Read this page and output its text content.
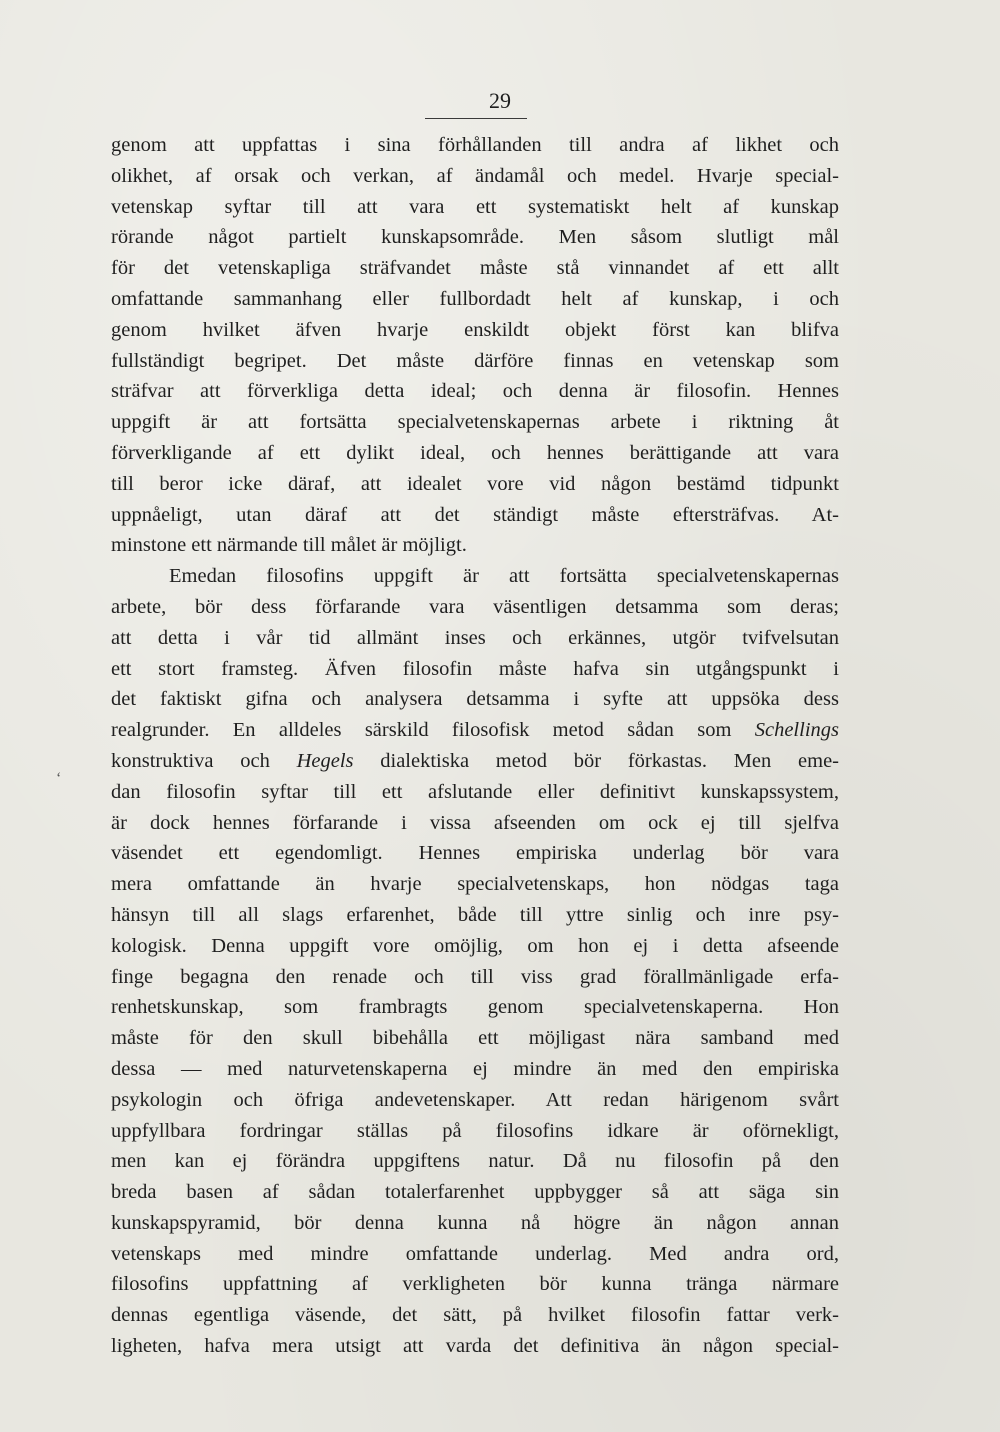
29
ʻ
genom att uppfattas i sina förhållanden till andra af likhet och
olikhet, af orsak och verkan, af ändamål och medel. Hvarje special-
vetenskap syftar till att vara ett systematiskt helt af kunskap
rörande något partielt kunskapsområde. Men såsom slutligt mål
för det vetenskapliga sträfvandet måste stå vinnandet af ett allt
omfattande sammanhang eller fullbordadt helt af kunskap, i och
genom hvilket äfven hvarje enskildt objekt först kan blifva
fullständigt begripet. Det måste därföre finnas en vetenskap som
sträfvar att förverkliga detta ideal; och denna är filosofin. Hennes
uppgift är att fortsätta specialvetenskapernas arbete i riktning åt
förverkligande af ett dylikt ideal, och hennes berättigande att vara
till beror icke däraf, att idealet vore vid någon bestämd tidpunkt
uppnåeligt, utan däraf att det ständigt måste eftersträfvas. At-
minstone ett närmande till målet är möjligt.
Emedan filosofins uppgift är att fortsätta specialvetenskapernas
arbete, bör dess förfarande vara väsentligen detsamma som deras;
att detta i vår tid allmänt inses och erkännes, utgör tvifvelsutan
ett stort framsteg. Äfven filosofin måste hafva sin utgångspunkt i
det faktiskt gifna och analysera detsamma i syfte att uppsöka dess
realgrunder. En alldeles särskild filosofisk metod sådan som Schellings
konstruktiva och Hegels dialektiska metod bör förkastas. Men eme-
dan filosofin syftar till ett afslutande eller definitivt kunskapssystem,
är dock hennes förfarande i vissa afseenden om ock ej till sjelfva
väsendet ett egendomligt. Hennes empiriska underlag bör vara
mera omfattande än hvarje specialvetenskaps, hon nödgas taga
hänsyn till all slags erfarenhet, både till yttre sinlig och inre psy-
kologisk. Denna uppgift vore omöjlig, om hon ej i detta afseende
finge begagna den renade och till viss grad förallmänligade erfa-
renhetskunskap, som frambragts genom specialvetenskaperna. Hon
måste för den skull bibehålla ett möjligast nära samband med
dessa — med naturvetenskaperna ej mindre än med den empiriska
psykologin och öfriga andevetenskaper. Att redan härigenom svårt
uppfyllbara fordringar ställas på filosofins idkare är oförnekligt,
men kan ej förändra uppgiftens natur. Då nu filosofin på den
breda basen af sådan totalerfarenhet uppbygger så att säga sin
kunskapspyramid, bör denna kunna nå högre än någon annan
vetenskaps med mindre omfattande underlag. Med andra ord,
filosofins uppfattning af verkligheten bör kunna tränga närmare
dennas egentliga väsende, det sätt, på hvilket filosofin fattar verk-
ligheten, hafva mera utsigt att varda det definitiva än någon special-
